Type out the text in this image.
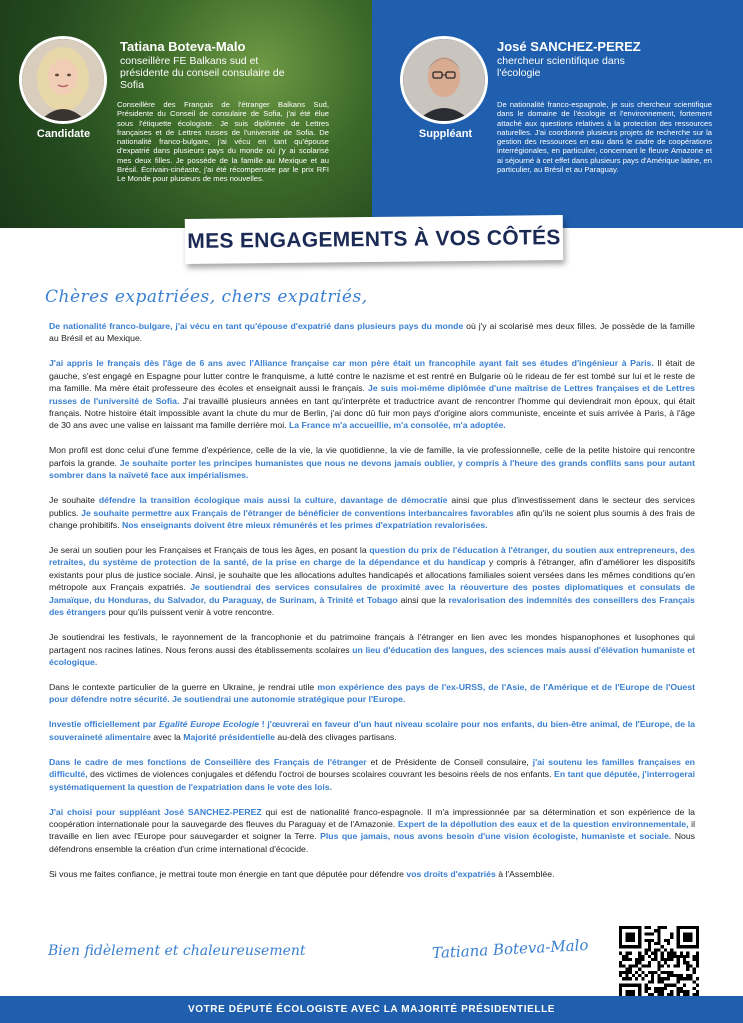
Candidate
Tatiana Boteva-Malo
conseillère FE Balkans sud et présidente du conseil consulaire de Sofia
Conseillère des Français de l'étranger Balkans Sud, Présidente du Conseil de consulaire de Sofia, j'ai été élue sous l'étiquette écologiste. Je suis diplômée de Lettres françaises et de Lettres russes de l'université de Sofia. De nationalité franco-bulgare, j'ai vécu en tant qu'épouse d'expatrié dans plusieurs pays du monde où j'y ai scolarisé mes deux filles. Je possède de la famille au Mexique et au Brésil. Écrivain-cinéaste, j'ai été récompensée par le prix RFI Le Monde pour plusieurs de mes nouvelles.
Suppléant
José SANCHEZ-PEREZ
chercheur scientifique dans l'écologie
De nationalité franco-espagnole, je suis chercheur scientifique dans le domaine de l'écologie et l'environnement, fortement attaché aux questions relatives à la protection des ressources naturelles. J'ai coordonné plusieurs projets de recherche sur la gestion des ressources en eau dans le cadre de coopérations interrégionales, en particulier, concernant le fleuve Amazone et ai séjourné à cet effet dans plusieurs pays d'Amérique latine, en particulier, au Brésil et au Paraguay.
MES ENGAGEMENTS À VOS CÔTÉS
Chères expatriées, chers expatriés,

De nationalité franco-bulgare, j'ai vécu en tant qu'épouse d'expatrié dans plusieurs pays du monde où j'y ai scolarisé mes deux filles. Je possède de la famille au Brésil et au Mexique.

J'ai appris le français dès l'âge de 6 ans avec l'Alliance française car mon père était un francophile ayant fait ses études d'ingénieur à Paris. Il était de gauche, s'est engagé en Espagne pour lutter contre le franquisme, a lutté contre le nazisme et est rentré en Bulgarie où le rideau de fer est tombé sur lui et le reste de ma famille. Ma mère était professeure des écoles et enseignait aussi le français. Je suis moi-même diplômée d'une maîtrise de Lettres françaises et de Lettres russes de l'université de Sofia. J'ai travaillé plusieurs années en tant qu'interprète et traductrice avant de rencontrer l'homme qui deviendrait mon époux, qui était français. Notre histoire était impossible avant la chute du mur de Berlin, j'ai donc dû fuir mon pays d'origine alors communiste, enceinte et suis arrivée à Paris, à l'âge de 30 ans avec une valise en laissant ma famille derrière moi. La France m'a accueillie, m'a consolée, m'a adoptée.

Mon profil est donc celui d'une femme d'expérience, celle de la vie, la vie quotidienne, la vie de famille, la vie professionnelle, celle de la petite histoire qui rencontre parfois la grande. Je souhaite porter les principes humanistes que nous ne devons jamais oublier, y compris à l'heure des grands conflits sans pour autant sombrer dans la naïveté face aux impérialismes.

Je souhaite défendre la transition écologique mais aussi la culture, davantage de démocratie ainsi que plus d'investissement dans le secteur des services publics. Je souhaite permettre aux Français de l'étranger de bénéficier de conventions interbancaires favorables afin qu'ils ne soient plus soumis à des frais de change prohibitifs. Nos enseignants doivent être mieux rémunérés et les primes d'expatriation revalorisées.

Je serai un soutien pour les Françaises et Français de tous les âges, en posant la question du prix de l'éducation à l'étranger, du soutien aux entrepreneurs, des retraites, du système de protection de la santé, de la prise en charge de la dépendance et du handicap y compris à l'étranger, afin d'améliorer les dispositifs existants pour plus de justice sociale. Ainsi, je souhaite que les allocations adultes handicapés et allocations familiales soient versées dans les mêmes conditions qu'en métropole aux Français expatriés. Je soutiendrai des services consulaires de proximité avec la réouverture des postes diplomatiques et consulats de Jamaïque, du Honduras, du Salvador, du Paraguay, de Surinam, à Trinité et Tobago ainsi que la revalorisation des indemnités des conseillers des Français des étrangers pour qu'ils puissent venir à votre rencontre.

Je soutiendrai les festivals, le rayonnement de la francophonie et du patrimoine français à l'étranger en lien avec les mondes hispanophones et lusophones qui partagent nos racines latines. Nous ferons aussi des établissements scolaires un lieu d'éducation des langues, des sciences mais aussi d'élévation humaniste et écologique.

Dans le contexte particulier de la guerre en Ukraine, je rendrai utile mon expérience des pays de l'ex-URSS, de l'Asie, de l'Amérique et de l'Europe de l'Ouest pour défendre notre sécurité. Je soutiendrai une autonomie stratégique pour l'Europe.

Investie officiellement par Egalité Europe Ecologie ! j'œuvrerai en faveur d'un haut niveau scolaire pour nos enfants, du bien-être animal, de l'Europe, de la souveraineté alimentaire avec la Majorité présidentielle au-delà des clivages partisans.

Dans le cadre de mes fonctions de Conseillère des Français de l'étranger et de Présidente de Conseil consulaire, j'ai soutenu les familles françaises en difficulté, des victimes de violences conjugales et défendu l'octroi de bourses scolaires couvrant les besoins réels de nos enfants. En tant que députée, j'interrogerai systématiquement la question de l'expatriation dans le vote des lois.

J'ai choisi pour suppléant José SANCHEZ-PEREZ qui est de nationalité franco-espagnole. Il m'a impressionnée par sa détermination et son expérience de la coopération internationale pour la sauvegarde des fleuves du Paraguay et de l'Amazonie. Expert de la dépollution des eaux et de la question environnementale, il travaille en lien avec l'Europe pour sauvegarder et soigner la Terre. Plus que jamais, nous avons besoin d'une vision écologiste, humaniste et sociale. Nous défendrons ensemble la création d'un crime international d'écocide.

Si vous me faites confiance, je mettrai toute mon énergie en tant que députée pour défendre vos droits d'expatriés à l'Assemblée.

Bien fidèlement et chaleureusement	Tatiana Boteva-Malo
VOTRE DÉPUTÉ ÉCOLOGISTE AVEC LA MAJORITÉ PRÉSIDENTIELLE
